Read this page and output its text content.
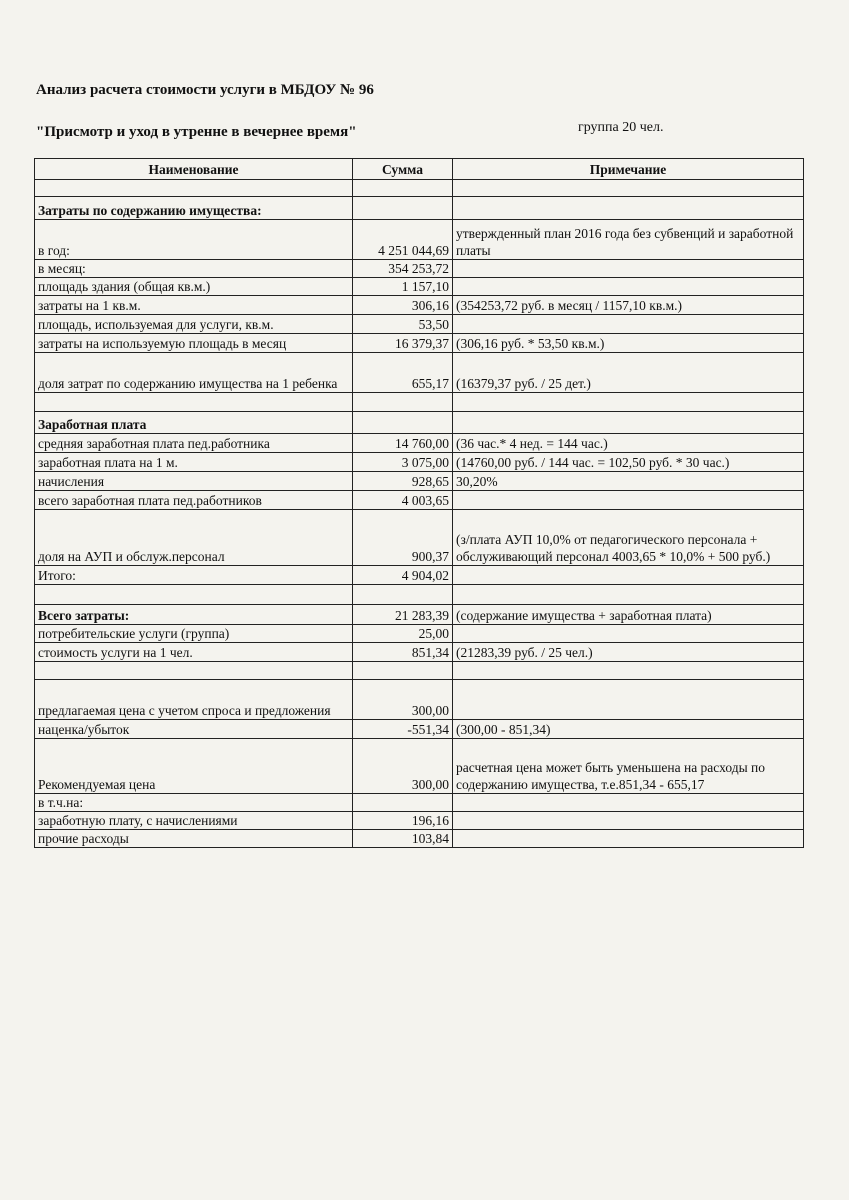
Анализ расчета стоимости услуги в МБДОУ № 96
"Присмотр и уход в утренне в вечернее время"	группа 20 чел.
Наименование	Сумма	Примечание

Затраты по содержанию имущества:		
в год:	4 251 044,69	утвержденный план 2016 года без субвенций и заработной платы
в месяц:	354 253,72	
площадь здания (общая кв.м.)	1 157,10	
затраты на 1 кв.м.	306,16	(354253,72 руб. в месяц / 1157,10 кв.м.)
площадь, используемая для услуги, кв.м.	53,50	
затраты на используемую площадь в месяц	16 379,37	(306,16 руб. * 53,50 кв.м.)
доля затрат по содержанию имущества на 1 ребенка	655,17	(16379,37 руб. / 25 дет.)

Заработная плата		
средняя заработная плата пед.работника	14 760,00	(36 час.* 4 нед. = 144 час.)
заработная плата на 1 м.	3 075,00	(14760,00 руб. / 144 час. = 102,50 руб. * 30 час.)
начисления	928,65	30,20%
всего заработная плата пед.работников	4 003,65	
доля на АУП и обслуж.персонал	900,37	(з/плата АУП 10,0% от педагогического персонала + обслуживающий персонал 4003,65 * 10,0% + 500 руб.)
Итого:	4 904,02	

Всего затраты:	21 283,39	(содержание имущества + заработная плата)
потребительские услуги (группа)	25,00	
стоимость услуги на 1 чел.	851,34	(21283,39 руб. / 25 чел.)

предлагаемая цена с учетом спроса и предложения	300,00	
наценка/убыток	-551,34	(300,00 - 851,34)
Рекомендуемая цена	300,00	расчетная цена может быть уменьшена на расходы по содержанию имущества, т.е.851,34 - 655,17
в т.ч.на:		
заработную плату, с начислениями	196,16	
прочие расходы	103,84	
